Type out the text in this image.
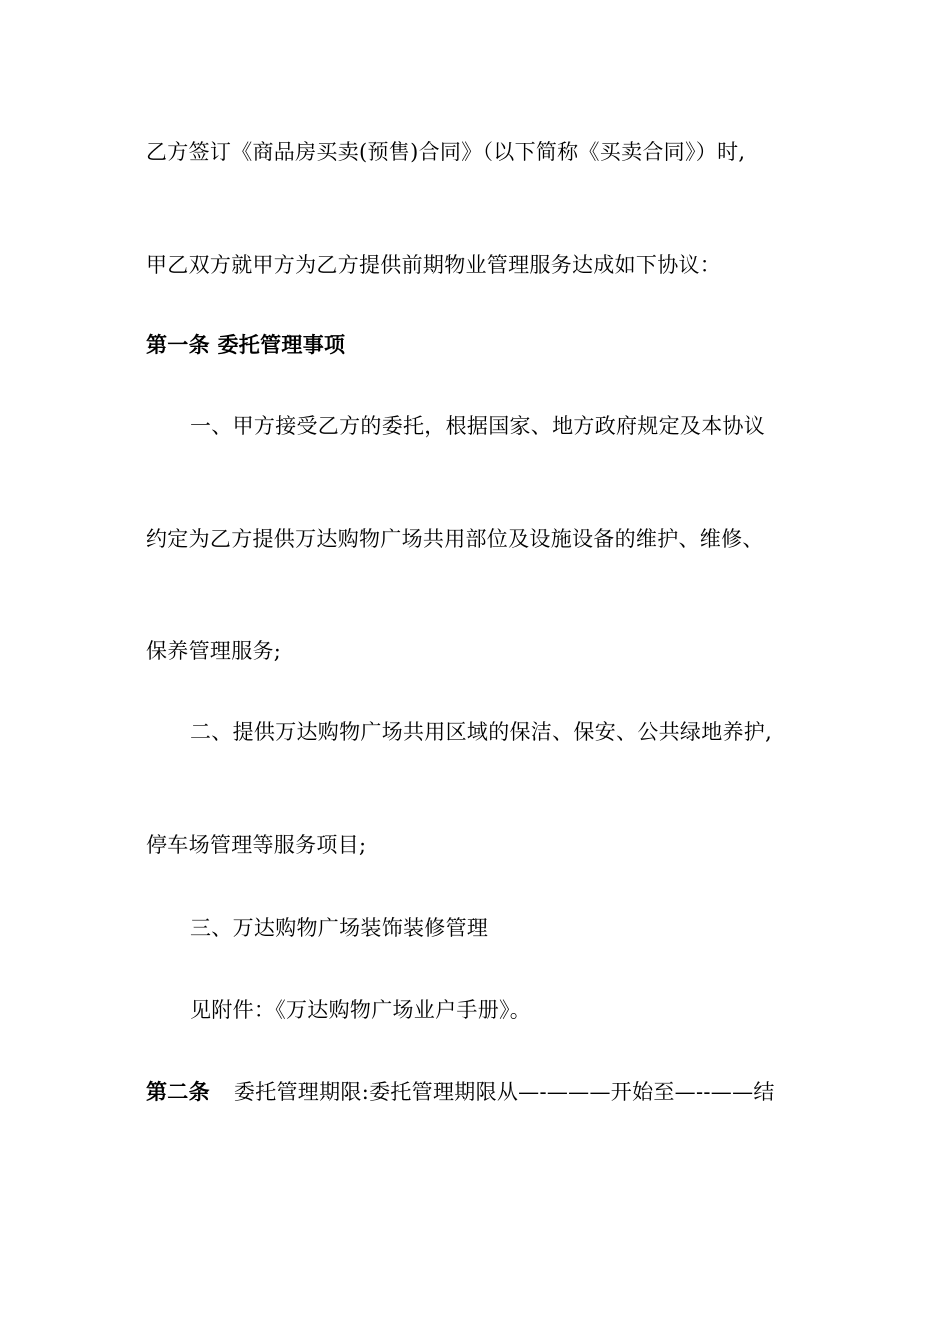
乙方签订《商品房买卖(预售)合同》（以下简称《买卖合同》）时,

甲乙双方就甲方为乙方提供前期物业管理服务达成如下协议：

第一条 委托管理事项

一、甲方接受乙方的委托，根据国家、地方政府规定及本协议

约定为乙方提供万达购物广场共用部位及设施设备的维护、维修、

保养管理服务;

二、提供万达购物广场共用区域的保洁、保安、公共绿地养护,

停车场管理等服务项目;

三、万达购物广场装饰装修管理

见附件：《万达购物广场业户手册》。

第二条 委托管理期限:委托管理期限从—-———开始至—--——结
